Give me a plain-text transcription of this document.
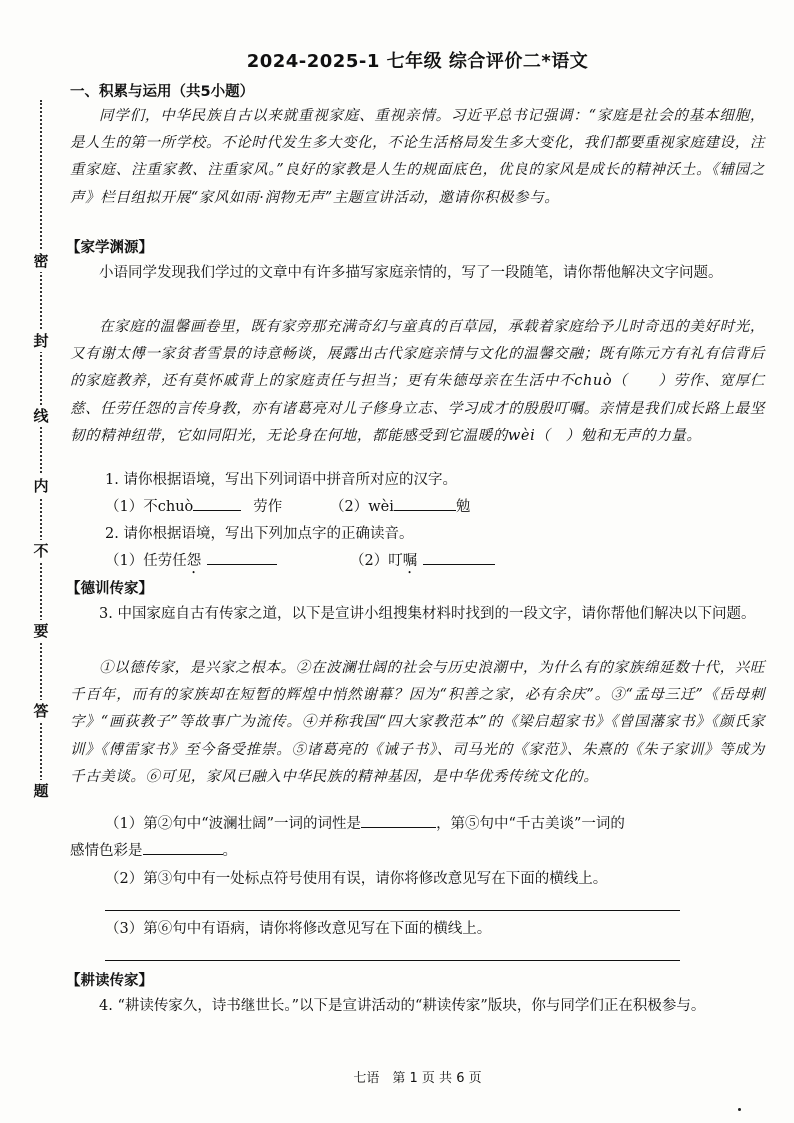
密
封
线
内
不
要
答
题
2024-2025-1 七年级 综合评价二*语文
一、积累与运用（共5小题）
同学们，中华民族自古以来就重视家庭、重视亲情。习近平总书记强调：“家庭是社会的基本细胞，是人生的第一所学校。不论时代发生多大变化，不论生活格局发生多大变化，我们都要重视家庭建设，注重家庭、注重家教、注重家风。”良好的家教是人生的规面底色，优良的家风是成长的精神沃土。《辅园之声》栏目组拟开展“家风如雨·润物无声”主题宣讲活动，邀请你积极参与。
【家学渊源】
小语同学发现我们学过的文章中有许多描写家庭亲情的，写了一段随笔，请你帮他解决文字问题。
在家庭的温馨画卷里，既有家旁那充满奇幻与童真的百草园，承载着家庭给予儿时奇迅的美好时光，又有谢太傅一家贫者雪景的诗意畅谈，展露出古代家庭亲情与文化的温馨交融；既有陈元方有礼有信背后的家庭教养，还有莫怀戚背上的家庭责任与担当；更有朱德母亲在生活中不chuò（　　）劳作、宽厚仁慈、任劳任怨的言传身教，亦有诸葛亮对儿子修身立志、学习成才的殷殷叮嘱。亲情是我们成长路上最坚韧的精神纽带，它如同阳光，无论身在何地，都能感受到它温暖的wèi（　）勉和无声的力量。
1. 请你根据语境，写出下列词语中拼音所对应的汉字。
（1）不chuò	劳作	（2）wèi	勉
2. 请你根据语境，写出下列加点字的正确读音。
（1）任劳任怨	（2）叮嘱
【德训传家】
3. 中国家庭自古有传家之道，以下是宣讲小组搜集材料时找到的一段文字，请你帮他们解决以下问题。
①以德传家，是兴家之根本。②在波澜壮阔的社会与历史浪潮中，为什么有的家族绵延数十代，兴旺千百年，而有的家族却在短暂的辉煌中悄然谢幕？因为“积善之家，必有余庆”。③“孟母三迁”《岳母刺字》“画荻教子”等故事广为流传。④并称我国“四大家教范本”的《梁启超家书》《曾国藩家书》《颜氏家训》《傅雷家书》至今备受推崇。⑤诸葛亮的《诫子书》、司马光的《家范》、朱熹的《朱子家训》等成为千古美谈。⑥可见，家风已融入中华民族的精神基因，是中华优秀传统文化的。
（1）第②句中“波澜壮阔”一词的词性是	，第⑤句中“千古美谈”一词的
感情色彩是	。
（2）第③句中有一处标点符号使用有误，请你将修改意见写在下面的横线上。
（3）第⑥句中有语病，请你将修改意见写在下面的横线上。
【耕读传家】
4. “耕读传家久，诗书继世长。”以下是宣讲活动的“耕读传家”版块，你与同学们正在积极参与。
七语　第 1 页 共 6 页
